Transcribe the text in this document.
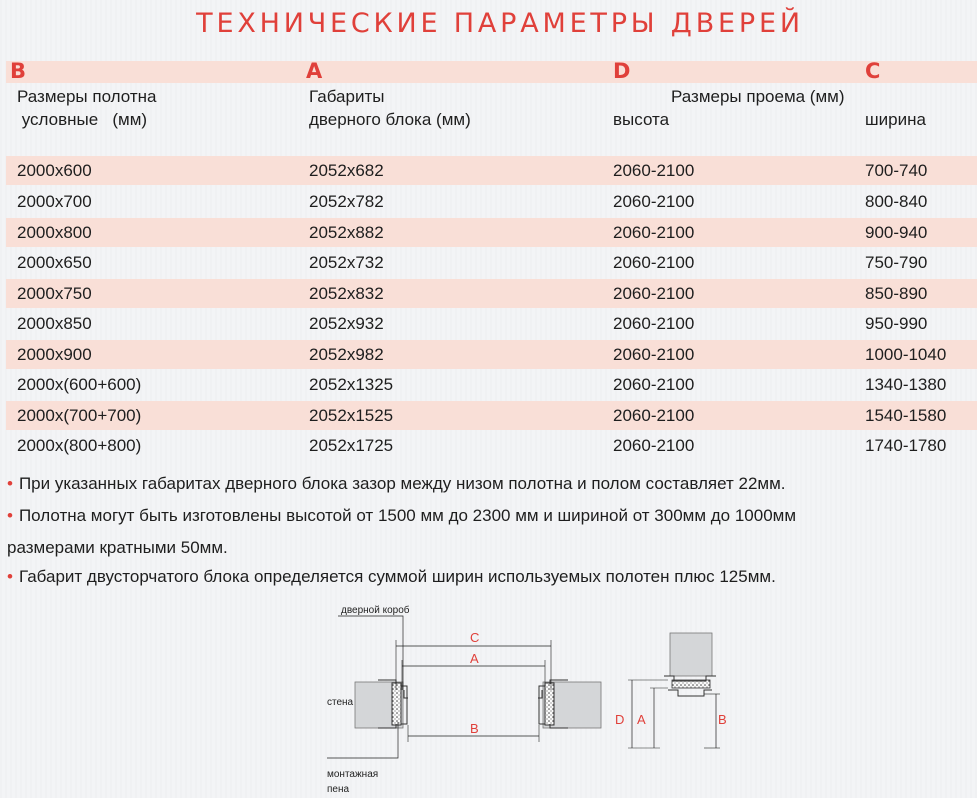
ТЕХНИЧЕСКИЕ ПАРАМЕТРЫ ДВЕРЕЙ
B	A	D	C
Размеры полотна
условные   (мм)
Габариты
дверного блока (мм)
Размеры проема (мм)
высота	ширина
2000х600	2052х682	2060-2100	700-740
2000х700	2052х782	2060-2100	800-840
2000х800	2052х882	2060-2100	900-940
2000х650	2052х732	2060-2100	750-790
2000х750	2052х832	2060-2100	850-890
2000х850	2052х932	2060-2100	950-990
2000х900	2052х982	2060-2100	1000-1040
2000х(600+600)	2052х1325	2060-2100	1340-1380
2000х(700+700)	2052х1525	2060-2100	1540-1580
2000х(800+800)	2052х1725	2060-2100	1740-1780
• При указанных габаритах дверного блока зазор между низом полотна и полом составляет 22мм.
• Полотна могут быть изготовлены высотой от 1500 мм до 2300 мм и шириной от 300мм до 1000мм
размерами кратными 50мм.
• Габарит двусторчатого блока определяется суммой ширин используемых полотен плюс 125мм.
C
A
B
дверной короб
стена
монтажная
пена
D A	B
